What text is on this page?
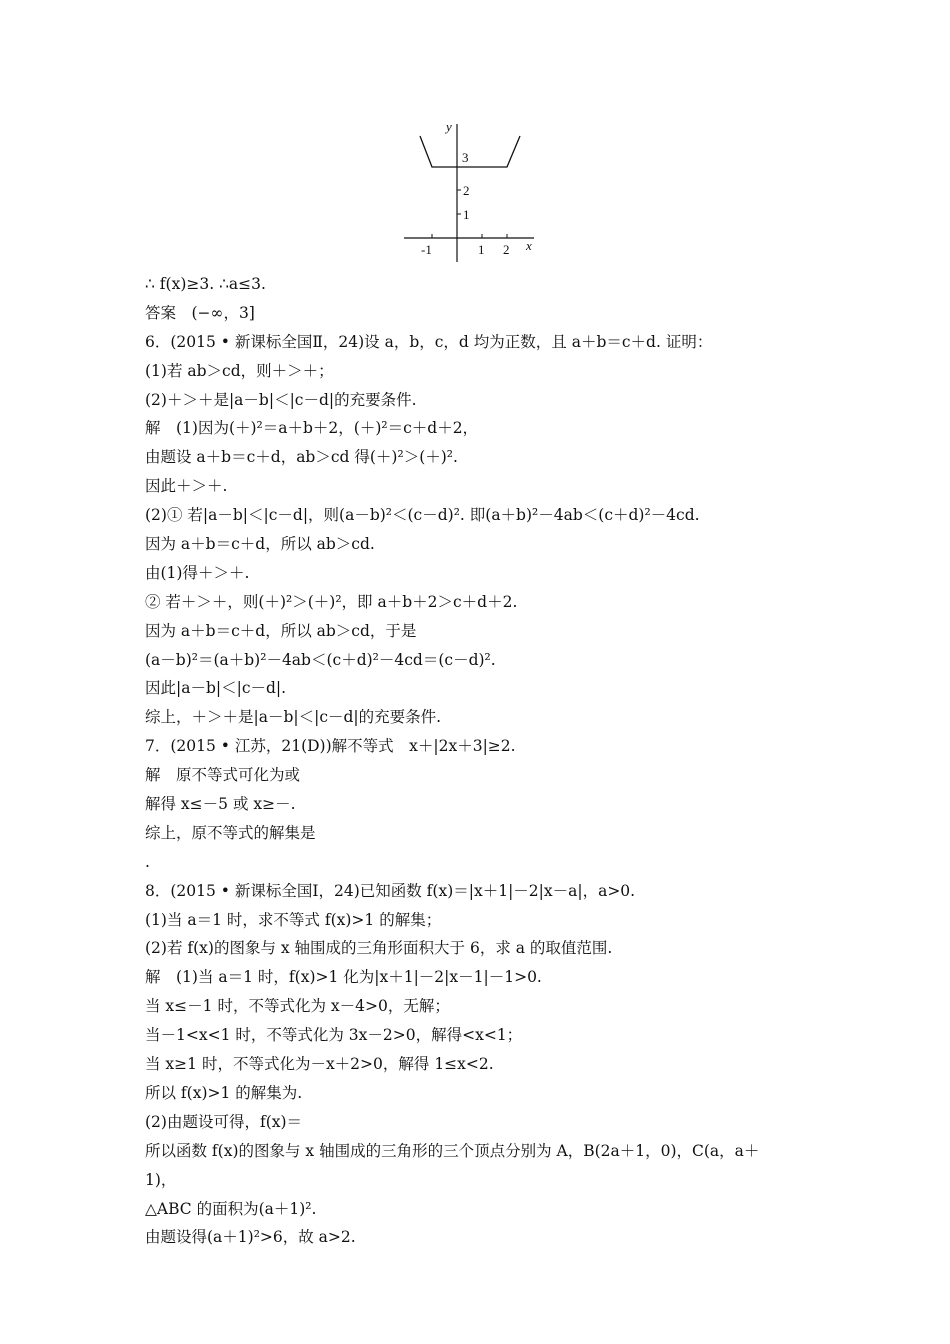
y
x
3
2
1
-1	1 2
∴ f(x)≥3. ∴a≤3.
答案　(−∞，3]
6．(2015 • 新课标全国Ⅱ，24)设 a，b，c，d 均为正数，且 a＋b＝c＋d. 证明：
(1)若 ab＞cd，则＋＞＋；
(2)＋＞＋是|a－b|＜|c－d|的充要条件.
解　(1)因为(＋)²＝a＋b＋2，(＋)²＝c＋d＋2，
由题设 a＋b＝c＋d，ab＞cd 得(＋)²＞(＋)².
因此＋＞＋.
(2)① 若|a－b|＜|c－d|，则(a－b)²＜(c－d)². 即(a＋b)²－4ab＜(c＋d)²－4cd.
因为 a＋b＝c＋d，所以 ab＞cd.
由(1)得＋＞＋.
② 若＋＞＋，则(＋)²＞(＋)²，即 a＋b＋2＞c＋d＋2.
因为 a＋b＝c＋d，所以 ab＞cd，于是
(a－b)²＝(a＋b)²－4ab＜(c＋d)²－4cd＝(c－d)².
因此|a－b|＜|c－d|.
综上，＋＞＋是|a－b|＜|c－d|的充要条件.
7．(2015 • 江苏，21(D))解不等式　x＋|2x＋3|≥2.
解　原不等式可化为或
解得 x≤－5 或 x≥－.
综上，原不等式的解集是
.
8．(2015 • 新课标全国Ⅰ，24)已知函数 f(x)＝|x＋1|－2|x－a|，a>0.
(1)当 a＝1 时，求不等式 f(x)>1 的解集；
(2)若 f(x)的图象与 x 轴围成的三角形面积大于 6，求 a 的取值范围.
解　(1)当 a＝1 时，f(x)>1 化为|x＋1|－2|x－1|－1>0.
当 x≤－1 时，不等式化为 x－4>0，无解；
当－1<x<1 时，不等式化为 3x－2>0，解得<x<1；
当 x≥1 时，不等式化为－x＋2>0，解得 1≤x<2.
所以 f(x)>1 的解集为.
(2)由题设可得，f(x)＝
所以函数 f(x)的图象与 x 轴围成的三角形的三个顶点分别为 A，B(2a＋1，0)，C(a，a＋
1)，
△ABC 的面积为(a＋1)².
由题设得(a＋1)²>6，故 a>2.
